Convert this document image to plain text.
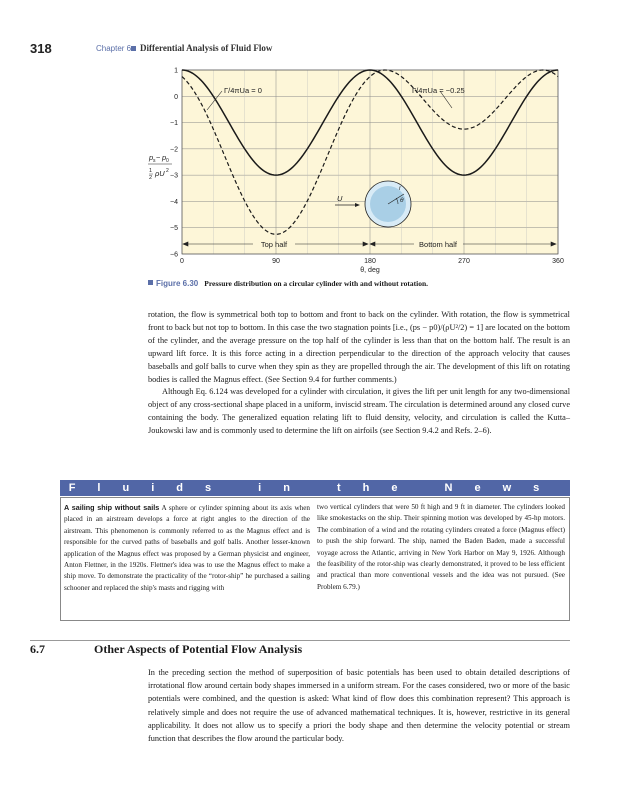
318	Chapter 6 Differential Analysis of Fluid Flow
1
0
−1
−2
−3
−4
−5
−6
0	90	180	270	360
Γ/4πUa = 0	Γ/4πUa = −0.25
Top half	Bottom half
U	θ
r
p s − p 0
1
2 ρU 2
θ, deg
Figure 6.30 Pressure distribution on a circular cylinder with and without rotation.

rotation, the flow is symmetrical both top to bottom and front to back on the cylinder. With rotation, the flow is symmetrical front to back but not top to bottom. In this case the two stagnation points [i.e., (ps − p0)/(ρU²/2) = 1] are located on the bottom of the cylinder, and the average pressure on the top half of the cylinder is less than that on the bottom half. The result is an upward lift force. It is this force acting in a direction perpendicular to the direction of the approach velocity that causes baseballs and golf balls to curve when they spin as they are propelled through the air. The development of this lift on rotating bodies is called the Magnus effect. (See Section 9.4 for further comments.)

Although Eq. 6.124 was developed for a cylinder with circulation, it gives the lift per unit length for any two-dimensional object of any cross-sectional shape placed in a uniform, inviscid stream. The circulation is determined around any closed curve containing the body. The generalized equation relating lift to fluid density, velocity, and circulation is called the Kutta–Joukowski law and is commonly used to determine the lift on airfoils (see Section 9.4.2 and Refs. 2–6).

Fluids in the News
A sailing ship without sails A sphere or cylinder spinning about its axis when placed in an airstream develops a force at right angles to the direction of the airstream. This phenomenon is commonly referred to as the Magnus effect and is responsible for the curved paths of baseballs and golf balls. Another lesser-known application of the Magnus effect was proposed by a German physicist and engineer, Anton Flettner, in the 1920s. Flettner's idea was to use the Magnus effect to make a ship move. To demonstrate the practicality of the “rotor-ship” he purchased a sailing schooner and replaced the ship's masts and rigging with
two vertical cylinders that were 50 ft high and 9 ft in diameter. The cylinders looked like smokestacks on the ship. Their spinning motion was developed by 45-hp motors. The combination of a wind and the rotating cylinders created a force (Magnus effect) to push the ship forward. The ship, named the Baden Baden, made a successful voyage across the Atlantic, arriving in New York Harbor on May 9, 1926. Although the feasibility of the rotor-ship was clearly demonstrated, it proved to be less efficient and practical than more conventional vessels and the idea was not pursued. (See Problem 6.79.)
6.7	Other Aspects of Potential Flow Analysis
In the preceding section the method of superposition of basic potentials has been used to obtain detailed descriptions of irrotational flow around certain body shapes immersed in a uniform stream. For the cases considered, two or more of the basic potentials were combined, and the question is asked: What kind of flow does this combination represent? This approach is relatively simple and does not require the use of advanced mathematical techniques. It is, however, restrictive in its general applicability. It does not allow us to specify a priori the body shape and then determine the velocity potential or stream function that describes the flow around the particular body.
